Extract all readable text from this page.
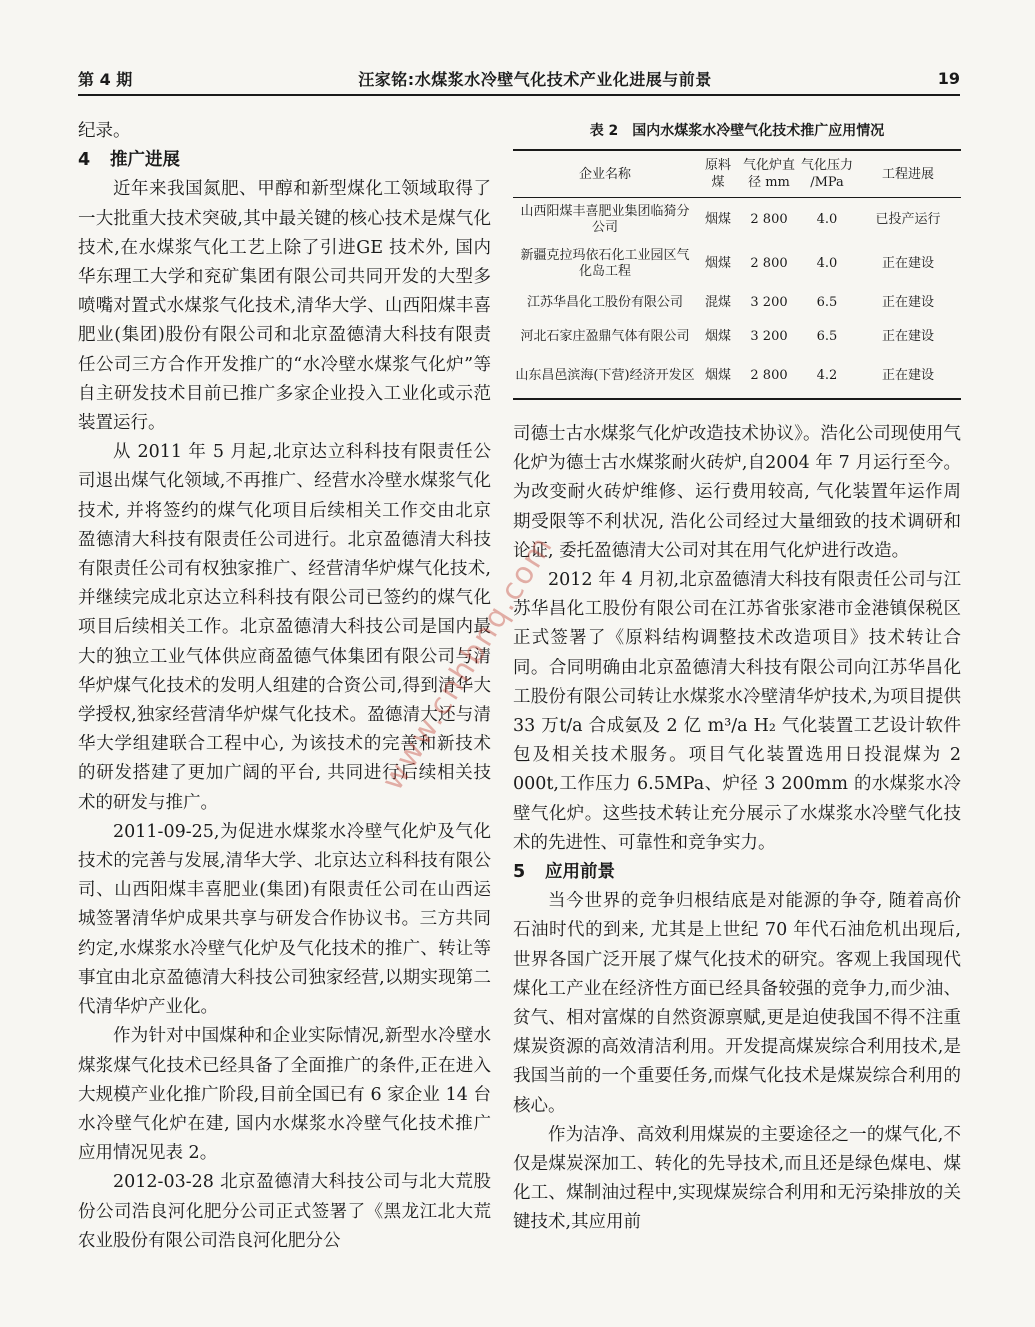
第 4 期	汪家铭:水煤浆水冷壁气化技术产业化进展与前景	19

纪录。

4 推广进展

近年来我国氮肥、甲醇和新型煤化工领域取得了一大批重大技术突破,其中最关键的核心技术是煤气化技术,在水煤浆气化工艺上除了引进GE 技术外, 国内华东理工大学和兖矿集团有限公司共同开发的大型多喷嘴对置式水煤浆气化技术,清华大学、山西阳煤丰喜肥业(集团)股份有限公司和北京盈德清大科技有限责任公司三方合作开发推广的“水冷壁水煤浆气化炉”等自主研发技术目前已推广多家企业投入工业化或示范装置运行。

从 2011 年 5 月起,北京达立科科技有限责任公司退出煤气化领域,不再推广、经营水冷壁水煤浆气化技术, 并将签约的煤气化项目后续相关工作交由北京盈德清大科技有限责任公司进行。北京盈德清大科技有限责任公司有权独家推广、经营清华炉煤气化技术,并继续完成北京达立科科技有限公司已签约的煤气化项目后续相关工作。北京盈德清大科技公司是国内最大的独立工业气体供应商盈德气体集团有限公司与清华炉煤气化技术的发明人组建的合资公司,得到清华大学授权,独家经营清华炉煤气化技术。盈德清大还与清华大学组建联合工程中心, 为该技术的完善和新技术的研发搭建了更加广阔的平台, 共同进行后续相关技术的研发与推广。

2011-09-25,为促进水煤浆水冷壁气化炉及气化技术的完善与发展,清华大学、北京达立科科技有限公司、山西阳煤丰喜肥业(集团)有限责任公司在山西运城签署清华炉成果共享与研发合作协议书。三方共同约定,水煤浆水冷壁气化炉及气化技术的推广、转让等事宜由北京盈德清大科技公司独家经营,以期实现第二代清华炉产业化。

作为针对中国煤种和企业实际情况,新型水冷壁水煤浆煤气化技术已经具备了全面推广的条件,正在进入大规模产业化推广阶段,目前全国已有 6 家企业 14 台水冷壁气化炉在建, 国内水煤浆水冷壁气化技术推广应用情况见表 2。

2012-03-28 北京盈德清大科技公司与北大荒股份公司浩良河化肥分公司正式签署了《黑龙江北大荒农业股份有限公司浩良河化肥分公

表 2　国内水煤浆水冷壁气化技术推广应用情况
企业名称	原料煤	气化炉直径 mm	气化压力 /MPa	工程进展
山西阳煤丰喜肥业集团临猗分公司	烟煤	2 800	4.0	已投产运行
新疆克拉玛依石化工业园区气化岛工程	烟煤	2 800	4.0	正在建设
江苏华昌化工股份有限公司	混煤	3 200	6.5	正在建设
河北石家庄盈鼎气体有限公司	烟煤	3 200	6.5	正在建设
山东昌邑滨海(下营)经济开发区	烟煤	2 800	4.2	正在建设

司德士古水煤浆气化炉改造技术协议》。浩化公司现使用气化炉为德士古水煤浆耐火砖炉,自2004 年 7 月运行至今。为改变耐火砖炉维修、运行费用较高, 气化装置年运作周期受限等不利状况, 浩化公司经过大量细致的技术调研和论证, 委托盈德清大公司对其在用气化炉进行改造。

2012 年 4 月初,北京盈德清大科技有限责任公司与江苏华昌化工股份有限公司在江苏省张家港市金港镇保税区正式签署了《原料结构调整技术改造项目》技术转让合同。合同明确由北京盈德清大科技有限公司向江苏华昌化工股份有限公司转让水煤浆水冷壁清华炉技术,为项目提供 33 万t/a 合成氨及 2 亿 m³/a H₂ 气化装置工艺设计软件包及相关技术服务。项目气化装置选用日投混煤为 2 000t,工作压力 6.5MPa、炉径 3 200mm 的水煤浆水冷壁气化炉。这些技术转让充分展示了水煤浆水冷壁气化技术的先进性、可靠性和竞争实力。

5 应用前景

当今世界的竞争归根结底是对能源的争夺, 随着高价石油时代的到来, 尤其是上世纪 70 年代石油危机出现后,世界各国广泛开展了煤气化技术的研究。客观上我国现代煤化工产业在经济性方面已经具备较强的竞争力,而少油、贫气、相对富煤的自然资源禀赋,更是迫使我国不得不注重煤炭资源的高效清洁利用。开发提高煤炭综合利用技术,是我国当前的一个重要任务,而煤气化技术是煤炭综合利用的核心。

作为洁净、高效利用煤炭的主要途径之一的煤气化,不仅是煤炭深加工、转化的先导技术,而且还是绿色煤电、煤化工、煤制油过程中,实现煤炭综合利用和无污染排放的关键技术,其应用前

www.cnhbnq.com
